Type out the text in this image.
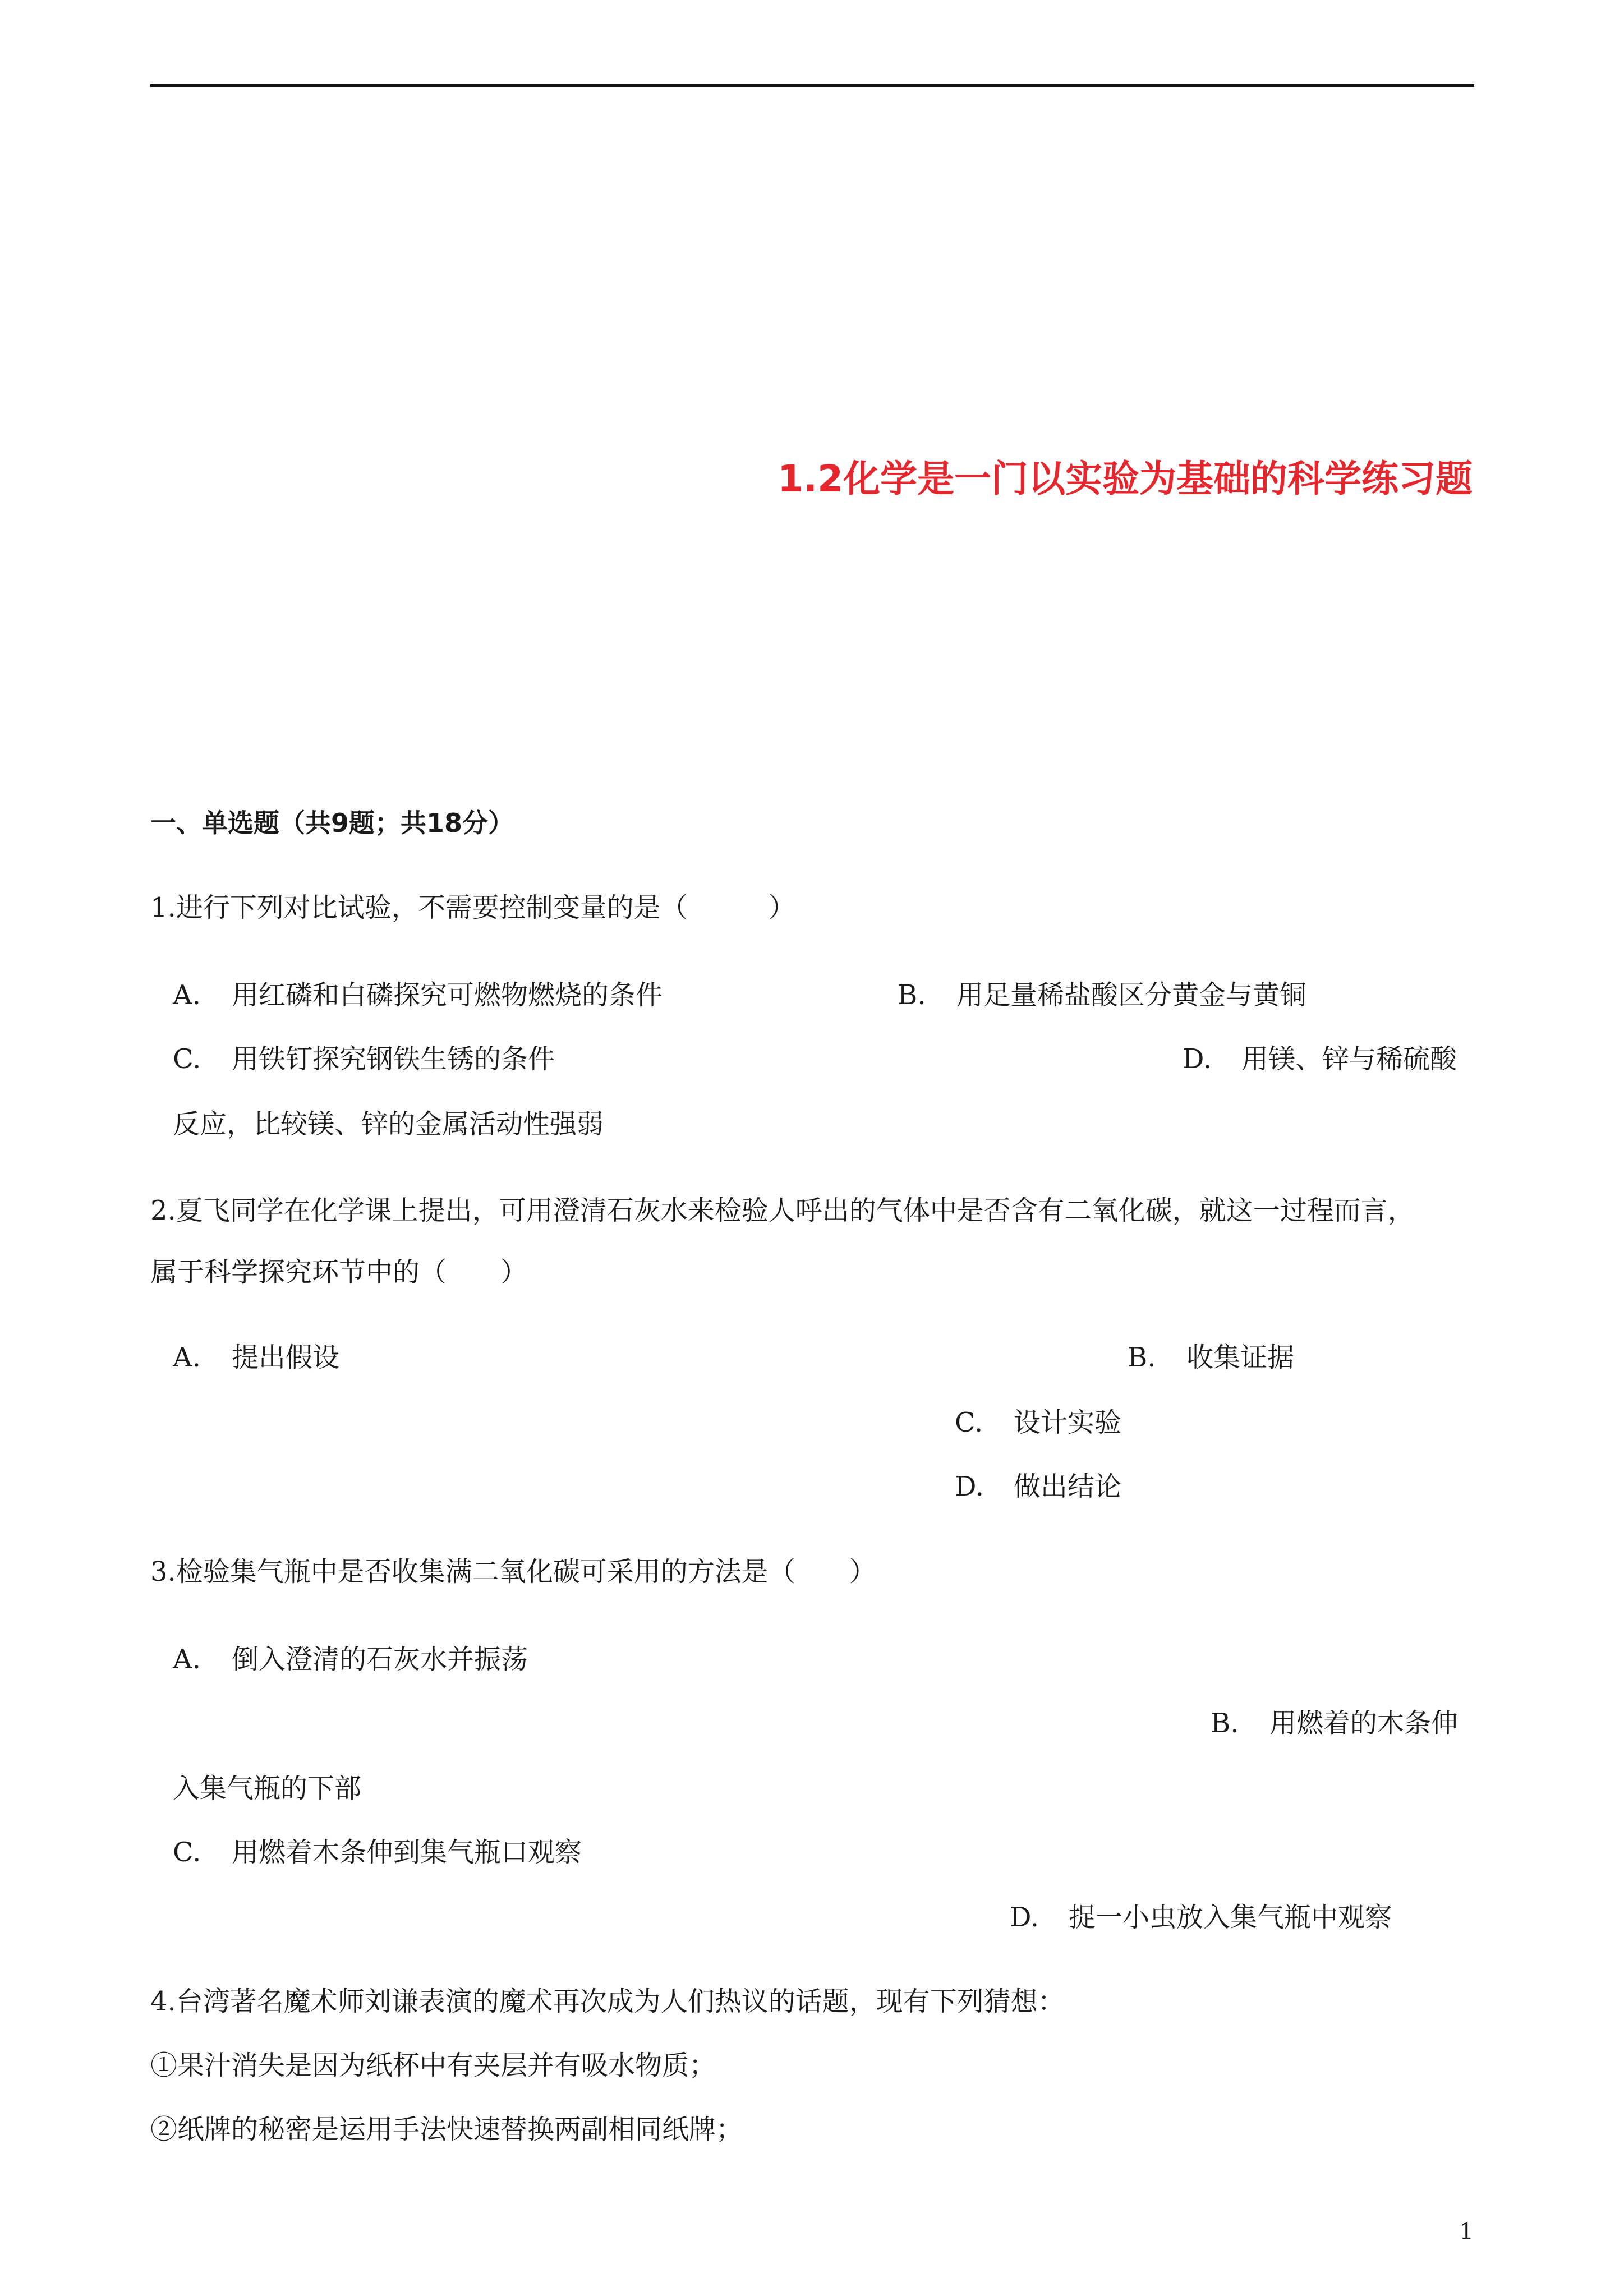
1.2化学是一门以实验为基础的科学练习题
一、单选题（共9题；共18分）
1.进行下列对比试验，不需要控制变量的是（　　　）
A. 用红磷和白磷探究可燃物燃烧的条件	B. 用足量稀盐酸区分黄金与黄铜
C. 用铁钉探究钢铁生锈的条件	D. 用镁、锌与稀硫酸
反应，比较镁、锌的金属活动性强弱
2.夏飞同学在化学课上提出，可用澄清石灰水来检验人呼出的气体中是否含有二氧化碳，就这一过程而言，
属于科学探究环节中的（　　）
A. 提出假设	B. 收集证据
C. 设计实验
D. 做出结论
3.检验集气瓶中是否收集满二氧化碳可采用的方法是（　　）
A. 倒入澄清的石灰水并振荡
B. 用燃着的木条伸
入集气瓶的下部
C. 用燃着木条伸到集气瓶口观察
D. 捉一小虫放入集气瓶中观察
4.台湾著名魔术师刘谦表演的魔术再次成为人们热议的话题，现有下列猜想：
①果汁消失是因为纸杯中有夹层并有吸水物质；
②纸牌的秘密是运用手法快速替换两副相同纸牌；
1
